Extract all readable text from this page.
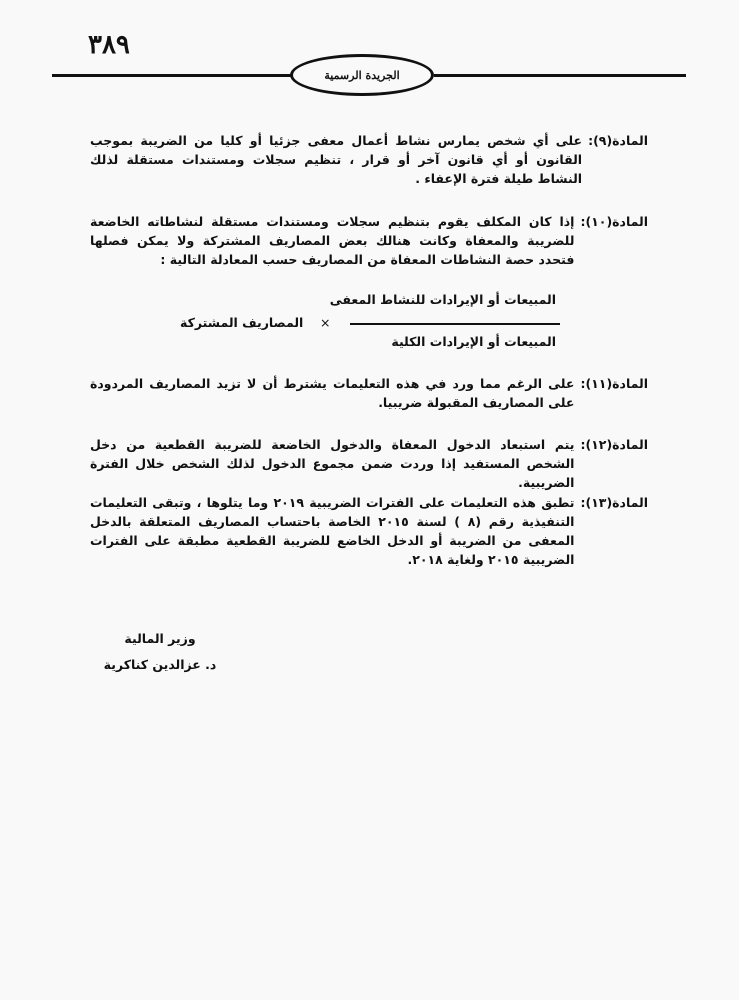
٣٨٩
الجريدة الرسمية
المادة(٩):
على أي شخص يمارس نشاط أعمال معفى جزئيا أو كليا من الضريبة بموجب القانون أو أي قانون آخر أو قرار ، تنظيم سجلات ومستندات مستقلة لذلك النشاط طيلة فترة الإعفاء .
المادة(١٠):
إذا كان المكلف يقوم بتنظيم سجلات ومستندات مستقلة لنشاطاته الخاضعة للضريبة والمعفاة وكانت هنالك بعض المصاريف المشتركة ولا يمكن فصلها فتحدد حصة النشاطات المعفاة من المصاريف حسب المعادلة التالية :
المبيعات أو الإيرادات للنشاط المعفى
المبيعات أو الإيرادات الكلية
×
المصاريف المشتركة
المادة(١١):
على الرغم مما ورد في هذه التعليمات يشترط أن لا تزيد المصاريف المردودة على المصاريف المقبولة ضريبيا.
المادة(١٢):
يتم استبعاد الدخول المعفاة والدخول الخاضعة للضريبة القطعية من دخل الشخص المستفيد إذا وردت ضمن مجموع الدخول لذلك الشخص خلال الفترة الضريبية.
المادة(١٣):
تطبق هذه التعليمات على الفترات الضريبية ٢٠١٩ وما يتلوها ، وتبقى التعليمات التنفيذية رقم (٨ ) لسنة ٢٠١٥ الخاصة باحتساب المصاريف المتعلقة بالدخل المعفى من الضريبة أو الدخل الخاضع للضريبة القطعية مطبقة على الفترات الضريبية ٢٠١٥ ولغاية ٢٠١٨.
وزير المالية
د. عزالدين كناكرية
